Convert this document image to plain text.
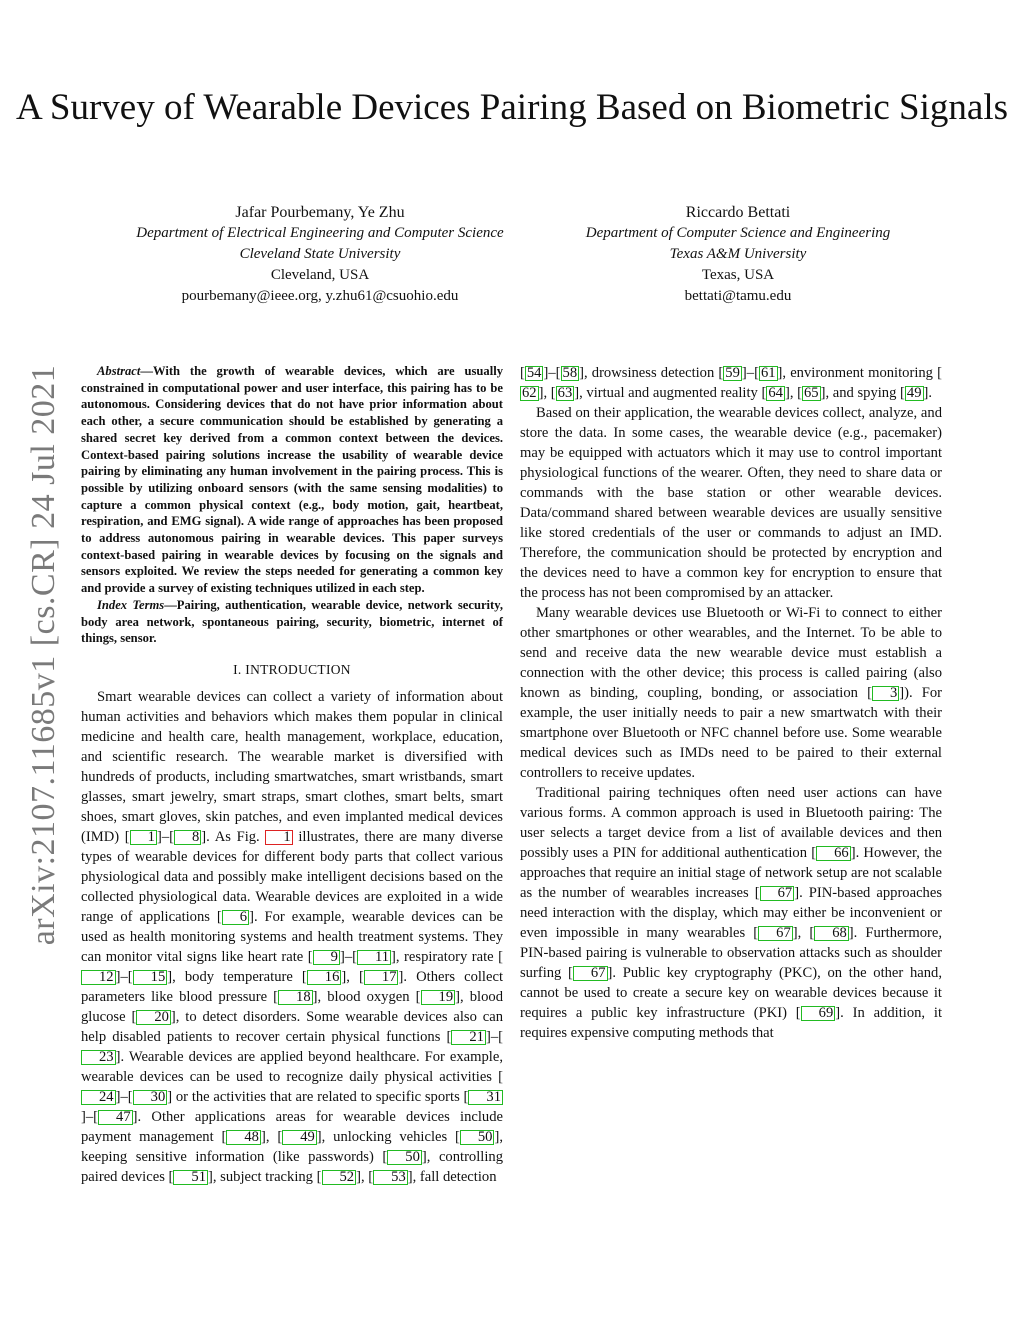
arXiv:2107.11685v1 [cs.CR] 24 Jul 2021
A Survey of Wearable Devices Pairing Based on Biometric Signals
Jafar Pourbemany, Ye Zhu
Department of Electrical Engineering and Computer Science
Cleveland State University
Cleveland, USA
pourbemany@ieee.org, y.zhu61@csuohio.edu
Riccardo Bettati
Department of Computer Science and Engineering
Texas A&M University
Texas, USA
bettati@tamu.edu

Abstract—With the growth of wearable devices, which are usually constrained in computational power and user interface, this pairing has to be autonomous. Considering devices that do not have prior information about each other, a secure communication should be established by generating a shared secret key derived from a common context between the devices. Context-based pairing solutions increase the usability of wearable device pairing by eliminating any human involvement in the pairing process. This is possible by utilizing onboard sensors (with the same sensing modalities) to capture a common physical context (e.g., body motion, gait, heartbeat, respiration, and EMG signal). A wide range of approaches has been proposed to address autonomous pairing in wearable devices. This paper surveys context-based pairing in wearable devices by focusing on the signals and sensors exploited. We review the steps needed for generating a common key and provide a survey of existing techniques utilized in each step.

Index Terms—Pairing, authentication, wearable device, network security, body area network, spontaneous pairing, security, biometric, internet of things, sensor.

I. INTRODUCTION

Smart wearable devices can collect a variety of information about human activities and behaviors which makes them popular in clinical medicine and health care, health management, workplace, education, and scientific research. The wearable market is diversified with hundreds of products, including smartwatches, smart wristbands, smart glasses, smart jewelry, smart straps, smart clothes, smart belts, smart shoes, smart gloves, skin patches, and even implanted medical devices (IMD) [ 1 ]–[ 8 ]. As Fig. 1 illustrates, there are many diverse types of wearable devices for different body parts that collect various physiological data and possibly make intelligent decisions based on the collected physiological data. Wearable devices are exploited in a wide range of applications [ 6 ]. For example, wearable devices can be used as health monitoring systems and health treatment systems. They can monitor vital signs like heart rate [ 9 ]–[ 11 ], respiratory rate [12 ]–[ 15 ], body temperature [ 16 ], [ 17 ]. Others collect parameters like blood pressure [ 18 ], blood oxygen [ 19 ], blood glucose [ 20 ], to detect disorders. Some wearable devices also can help disabled patients to recover certain physical functions [ 21 ]–[23 ]. Wearable devices are applied beyond healthcare. For example, wearable devices can be used to recognize daily physical activities [24 ]–[ 30 ] or the activities that are related to specific sports [ 31]–[ 47 ]. Other applications areas for wearable devices include payment management [ 48 ], [ 49 ], unlocking vehicles [ 50 ], keeping sensitive information (like passwords) [ 50 ], controlling paired devices [ 51 ], subject tracking [ 52 ], [ 53 ], fall detection

[ 54 ]–[ 58 ], drowsiness detection [ 59 ]–[ 61 ], environment monitoring [62 ], [ 63 ], virtual and augmented reality [ 64 ], [ 65 ], and spying [ 49 ].

Based on their application, the wearable devices collect, analyze, and store the data. In some cases, the wearable device (e.g., pacemaker) may be equipped with actuators which it may use to control important physiological functions of the wearer. Often, they need to share data or commands with the base station or other wearable devices. Data/command shared between wearable devices are usually sensitive like stored credentials of the user or commands to adjust an IMD. Therefore, the communication should be protected by encryption and the devices need to have a common key for encryption to ensure that the process has not been compromised by an attacker.

Many wearable devices use Bluetooth or Wi-Fi to connect to either other smartphones or other wearables, and the Internet. To be able to send and receive data the new wearable device must establish a connection with the other device; this process is called pairing (also known as binding, coupling, bonding, or association [ 3 ]). For example, the user initially needs to pair a new smartwatch with their smartphone over Bluetooth or NFC channel before use. Some wearable medical devices such as IMDs need to be paired to their external controllers to receive updates.

Traditional pairing techniques often need user actions can have various forms. A common approach is used in Bluetooth pairing: The user selects a target device from a list of available devices and then possibly uses a PIN for additional authentication [ 66 ]. However, the approaches that require an initial stage of network setup are not scalable as the number of wearables increases [ 67 ]. PIN-based approaches need interaction with the display, which may either be inconvenient or even impossible in many wearables [ 67 ], [ 68 ]. Furthermore, PIN-based pairing is vulnerable to observation attacks such as shoulder surfing [ 67 ]. Public key cryptography (PKC), on the other hand, cannot be used to create a secure key on wearable devices because it requires a public key infrastructure (PKI) [ 69 ]. In addition, it requires expensive computing methods that
